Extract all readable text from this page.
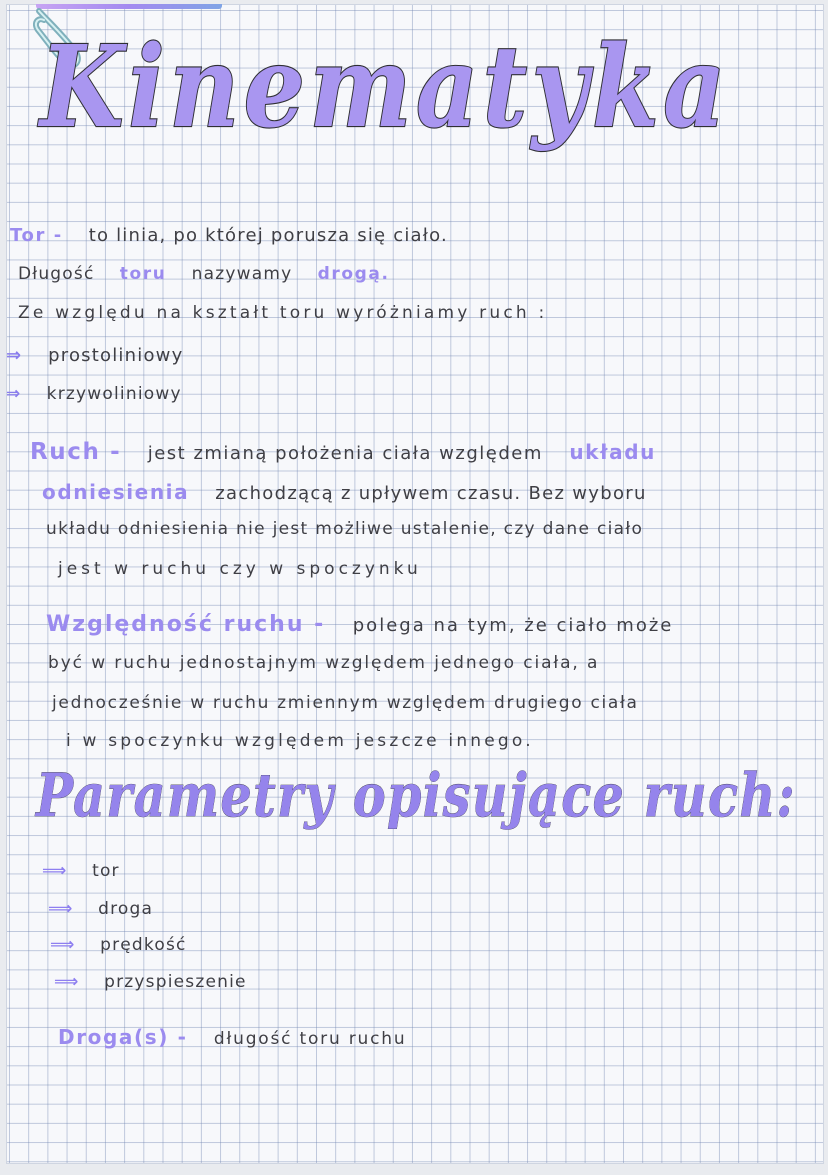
Kinematyka
Tor - to linia, po której porusza się ciało.
Długość toru nazywamy drogą.
Ze względu na kształt toru wyróżniamy ruch :
⇒ prostoliniowy
⇒ krzywoliniowy
Ruch - jest zmianą położenia ciała względem układu
odniesienia zachodzącą z upływem czasu. Bez wyboru
układu odniesienia nie jest możliwe ustalenie, czy dane ciało
jest w ruchu czy w spoczynku
Względność ruchu - polega na tym, że ciało może
być w ruchu jednostajnym względem jednego ciała, a
jednocześnie w ruchu zmiennym względem drugiego ciała
i w spoczynku względem jeszcze innego.
Parametry opisujące ruch:
⟹ tor
⟹ droga
⟹ prędkość
⟹ przyspieszenie
Droga(s) - długość toru ruchu
